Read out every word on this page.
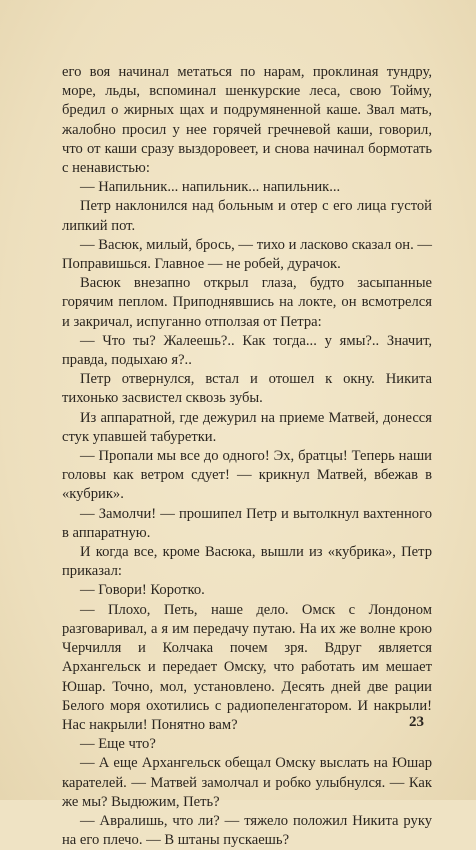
его воя начинал метаться по нарам, проклиная тундру, море, льды, вспоминал шенкурские леса, свою Тойму, бредил о жирных щах и подрумяненной каше. Звал мать, жалобно просил у нее горячей гречневой каши, говорил, что от каши сразу выздоровеет, и снова начинал бормотать с ненавистью:

— Напильник... напильник... напильник...

Петр наклонился над больным и отер с его лица густой липкий пот.

— Васюк, милый, брось, — тихо и ласково сказал он. — Поправишься. Главное — не робей, дурачок.

Васюк внезапно открыл глаза, будто засыпанные горячим пеплом. Приподнявшись на локте, он всмотрелся и закричал, испуганно отползая от Петра:

— Что ты? Жалеешь?.. Как тогда... у ямы?.. Значит, правда, подыхаю я?..

Петр отвернулся, встал и отошел к окну. Никита тихонько засвистел сквозь зубы.

Из аппаратной, где дежурил на приеме Матвей, донесся стук упавшей табуретки.

— Пропали мы все до одного! Эх, братцы! Теперь наши головы как ветром сдует! — крикнул Матвей, вбежав в «кубрик».

— Замолчи! — прошипел Петр и вытолкнул вахтенного в аппаратную.

И когда все, кроме Васюка, вышли из «кубрика», Петр приказал:

— Говори! Коротко.

— Плохо, Петь, наше дело. Омск с Лондоном разговаривал, а я им передачу путаю. На их же волне крою Черчилля и Колчака почем зря. Вдруг является Архангельск и передает Омску, что работать им мешает Юшар. Точно, мол, установлено. Десять дней две рации Белого моря охотились с радиопеленгатором. И накрыли! Нас накрыли! Понятно вам?

— Еще что?

— А еще Архангельск обещал Омску выслать на Юшар карателей. — Матвей замолчал и робко улыбнулся. — Как же мы? Выдюжим, Петь?

— Авралишь, что ли? — тяжело положил Никита руку на его плечо. — В штаны пускаешь?

23
